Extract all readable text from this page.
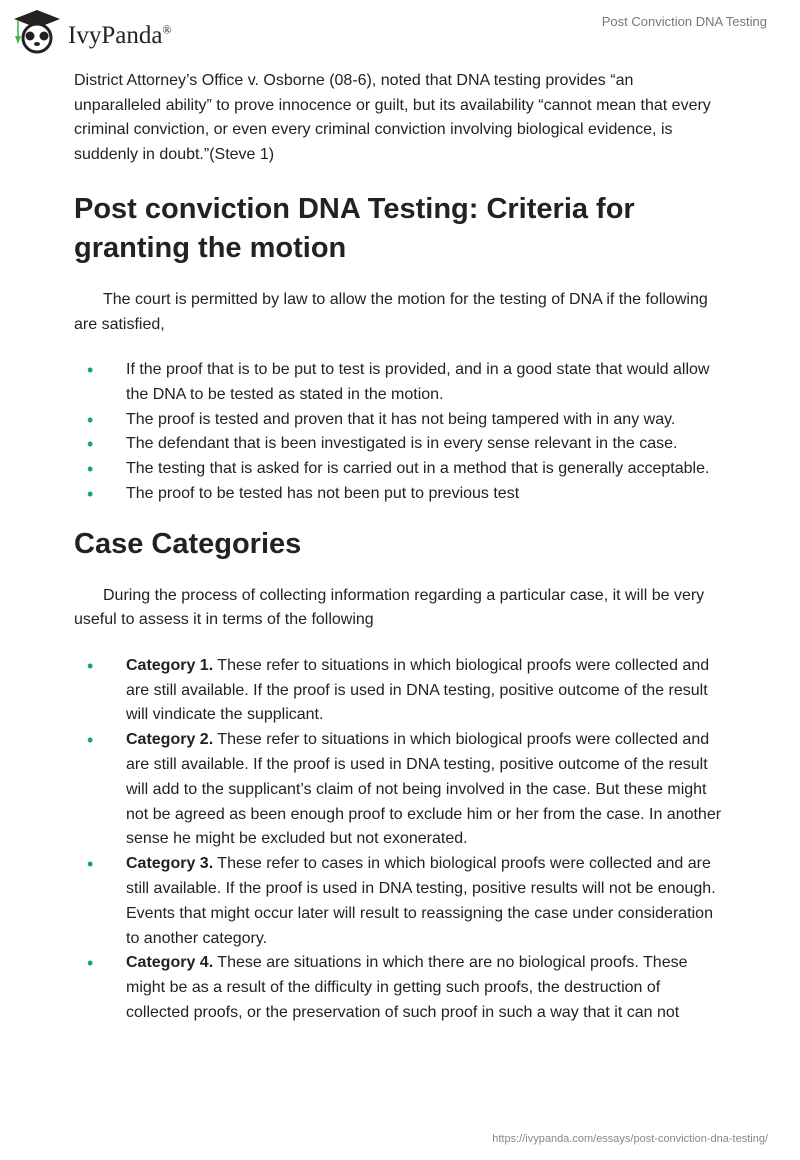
IvyPanda®
Post Conviction DNA Testing

District Attorney’s Office v. Osborne (08-6), noted that DNA testing provides “an unparalleled ability” to prove innocence or guilt, but its availability “cannot mean that every criminal conviction, or even every criminal conviction involving biological evidence, is suddenly in doubt.”(Steve 1)

Post conviction DNA Testing: Criteria for granting the motion

The court is permitted by law to allow the motion for the testing of DNA if the following are satisfied,

• If the proof that is to be put to test is provided, and in a good state that would allow the DNA to be tested as stated in the motion.
• The proof is tested and proven that it has not being tampered with in any way.
• The defendant that is been investigated is in every sense relevant in the case.
• The testing that is asked for is carried out in a method that is generally acceptable.
• The proof to be tested has not been put to previous test
Case Categories

During the process of collecting information regarding a particular case, it will be very useful to assess it in terms of the following

• Category 1. These refer to situations in which biological proofs were collected and are still available. If the proof is used in DNA testing, positive outcome of the result will vindicate the supplicant.
• Category 2. These refer to situations in which biological proofs were collected and are still available. If the proof is used in DNA testing, positive outcome of the result will add to the supplicant’s claim of not being involved in the case. But these might not be agreed as been enough proof to exclude him or her from the case. In another sense he might be excluded but not exonerated.
• Category 3. These refer to cases in which biological proofs were collected and are still available. If the proof is used in DNA testing, positive results will not be enough. Events that might occur later will result to reassigning the case under consideration to another category.
• Category 4. These are situations in which there are no biological proofs. These might be as a result of the difficulty in getting such proofs, the destruction of collected proofs, or the preservation of such proof in such a way that it can not
https://ivypanda.com/essays/post-conviction-dna-testing/
